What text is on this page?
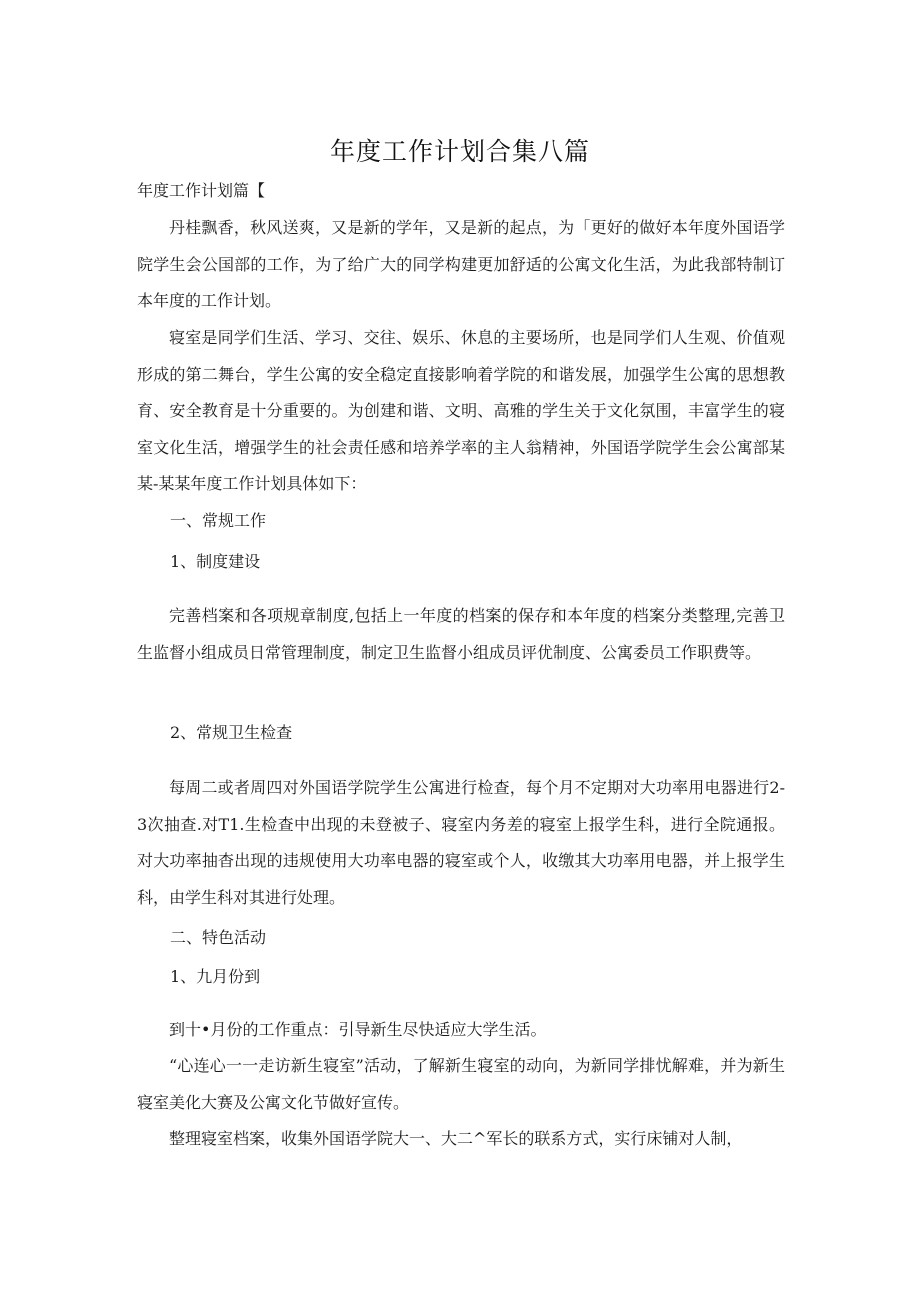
年度工作计划合集八篇

年度工作计划篇【

丹桂飘香，秋风送爽，又是新的学年，又是新的起点，为「更好的做好本年度外国语学院学生会公国部的工作，为了给广大的同学构建更加舒适的公寓文化生活，为此我部特制订本年度的工作计划。

寝室是同学们生活、学习、交往、娱乐、休息的主要场所，也是同学们人生观、价值观形成的第二舞台，学生公寓的安全稳定直接影响着学院的和谐发展，加强学生公寓的思想教育、安全教育是十分重要的。为创建和谐、文明、高雅的学生关于文化氛围，丰富学生的寝室文化生活，增强学生的社会责任感和培养学率的主人翁精神，外国语学院学生会公寓部某某-某某年度工作计划具体如下：

一、常规工作

1、制度建设

完善档案和各项规章制度,包括上一年度的档案的保存和本年度的档案分类整理,完善卫生监督小组成员日常管理制度，制定卫生监督小组成员评优制度、公寓委员工作职费等。

2、常规卫生检查

每周二或者周四对外国语学院学生公寓进行检查，每个月不定期对大功率用电器进行2-3次抽查.对T1.生检查中出现的未登被子、寝室内务差的寝室上报学生科，进行全院通报。对大功率抽杳出现的违规使用大功率电器的寝室或个人，收缴其大功率用电器，并上报学生科，由学生科对其进行处理。

二、特色活动

1、九月份到

到十•月份的工作重点：引导新生尽快适应大学生活。

“心连心一一走访新生寝室”活动，了解新生寝室的动向，为新同学排忧解难，并为新生寝室美化大赛及公寓文化节做好宣传。

整理寝室档案，收集外国语学院大一、大二^军长的联系方式，实行床铺对人制，
